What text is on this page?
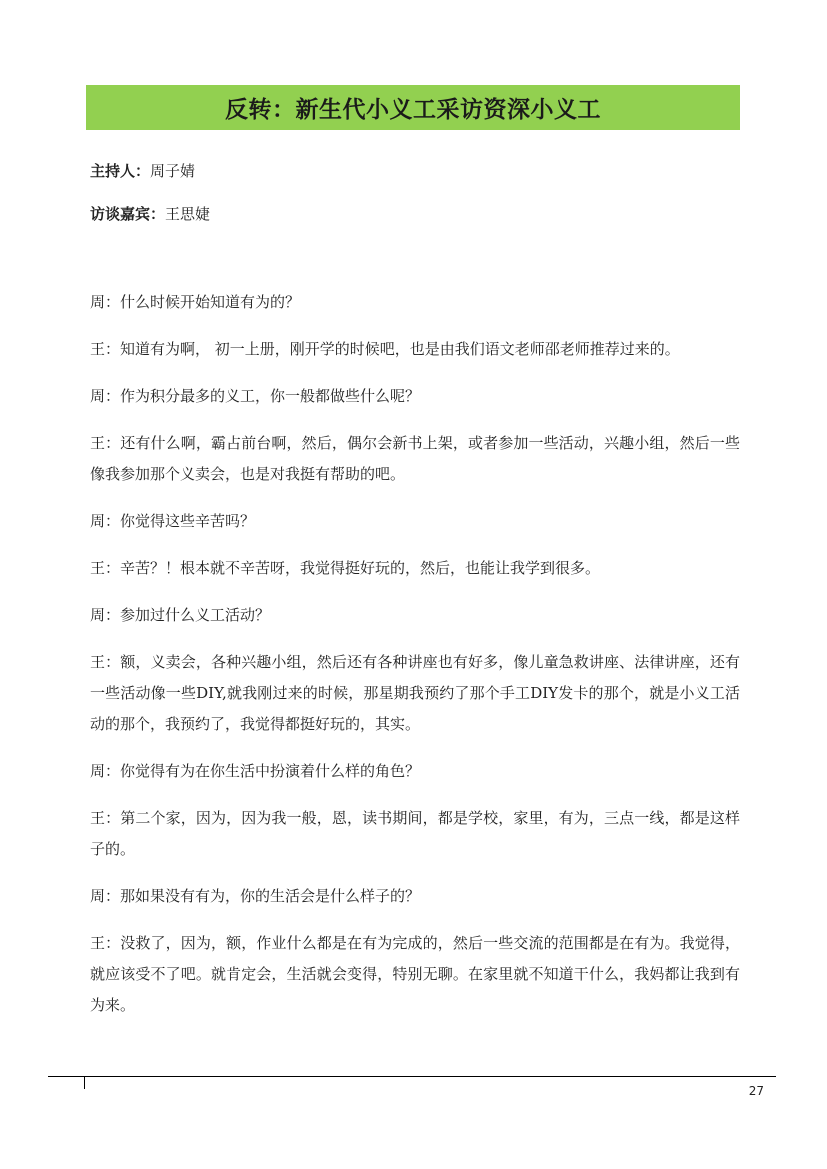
反转：新生代小义工采访资深小义工
主持人：周子婧
访谈嘉宾：王思婕

周：什么时候开始知道有为的？

王：知道有为啊， 初一上册，刚开学的时候吧，也是由我们语文老师邵老师推荐过来的。

周：作为积分最多的义工，你一般都做些什么呢？

王：还有什么啊，霸占前台啊，然后，偶尔会新书上架，或者参加一些活动，兴趣小组，然后一些像我参加那个义卖会，也是对我挺有帮助的吧。

周：你觉得这些辛苦吗？

王：辛苦？！根本就不辛苦呀，我觉得挺好玩的，然后，也能让我学到很多。

周：参加过什么义工活动？

王：额，义卖会，各种兴趣小组，然后还有各种讲座也有好多，像儿童急救讲座、法律讲座，还有一些活动像一些DIY,就我刚过来的时候，那星期我预约了那个手工DIY发卡的那个，就是小义工活动的那个，我预约了，我觉得都挺好玩的，其实。

周：你觉得有为在你生活中扮演着什么样的角色？

王：第二个家，因为，因为我一般，恩，读书期间，都是学校，家里，有为，三点一线，都是这样子的。

周：那如果没有有为，你的生活会是什么样子的？

王：没救了，因为，额，作业什么都是在有为完成的，然后一些交流的范围都是在有为。我觉得，就应该受不了吧。就肯定会，生活就会变得，特别无聊。在家里就不知道干什么，我妈都让我到有为来。

27
